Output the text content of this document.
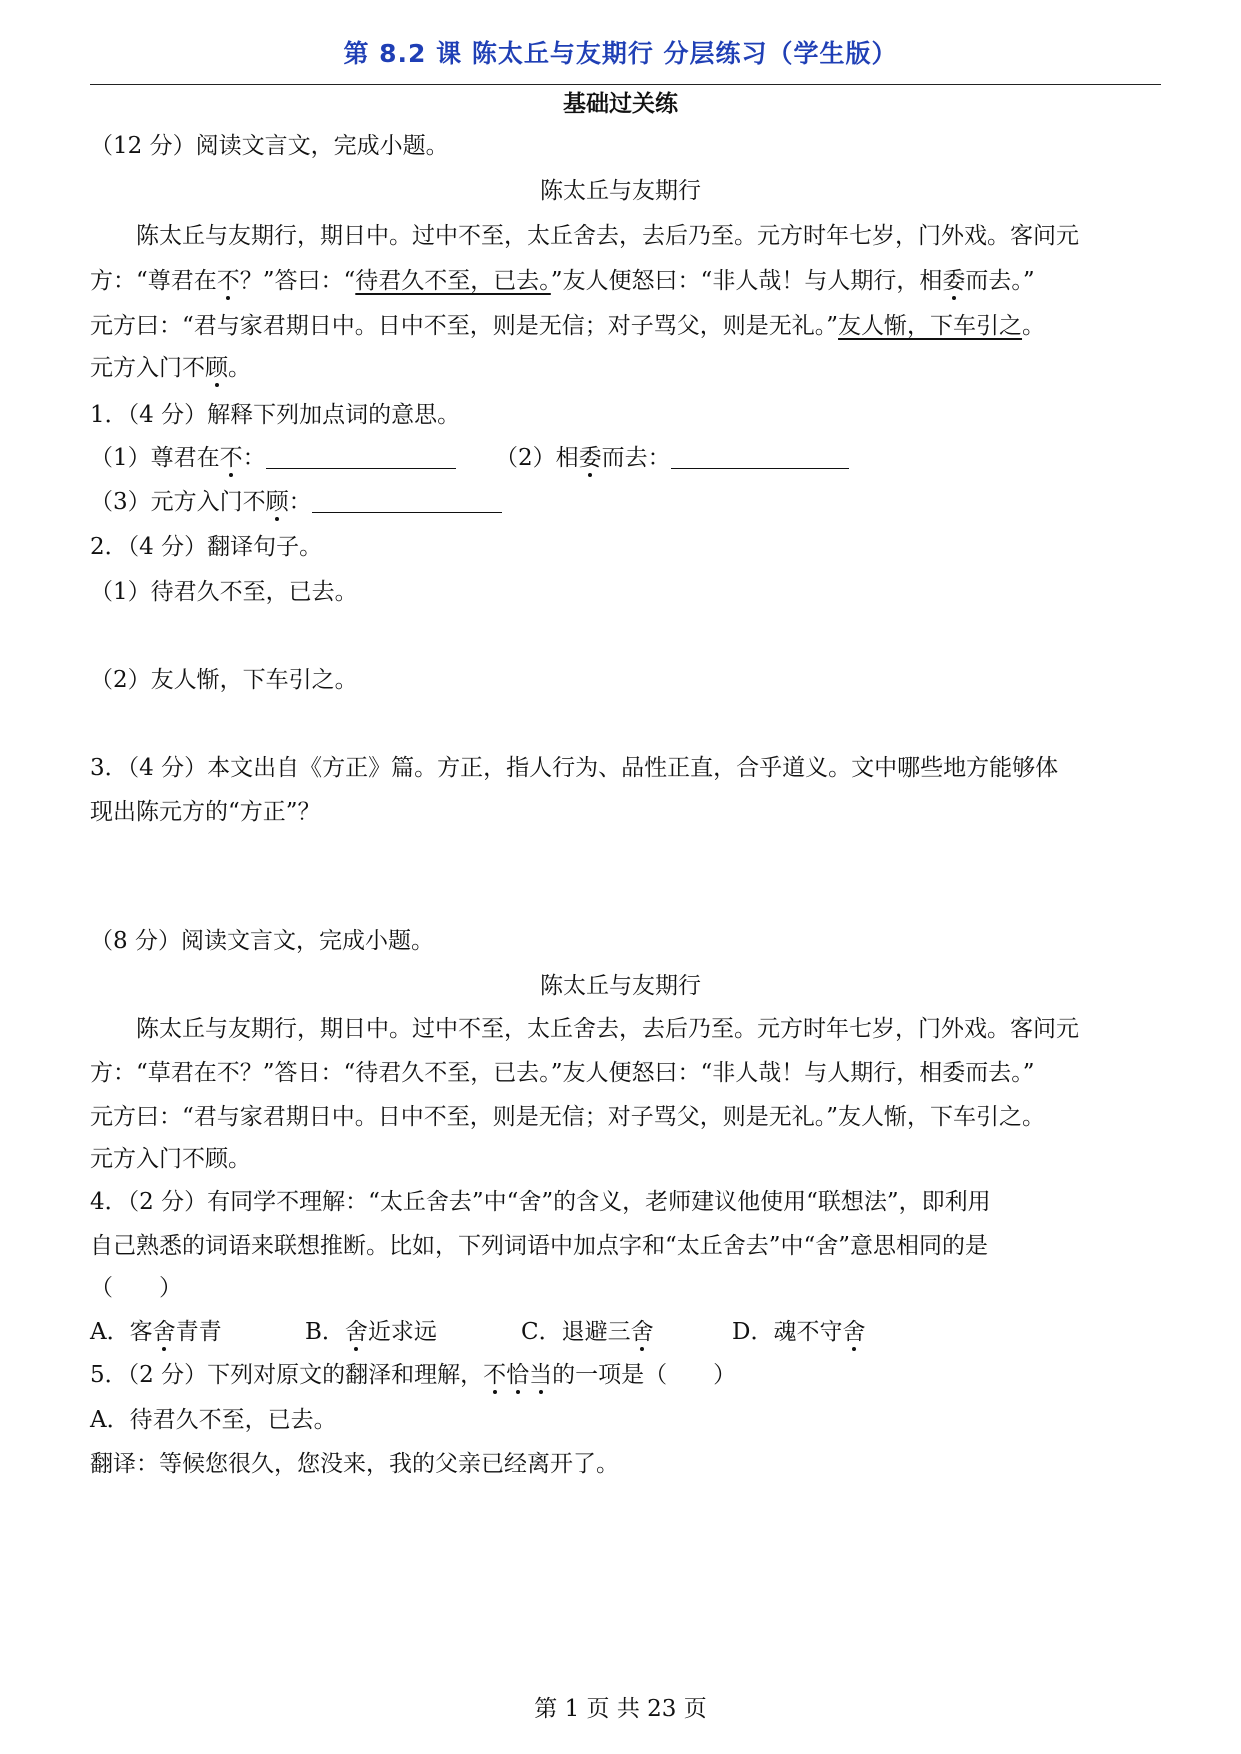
第 8.2 课 陈太丘与友期行 分层练习（学生版）
基础过关练
（12 分）阅读文言文，完成小题。
陈太丘与友期行
陈太丘与友期行，期日中。过中不至，太丘舍去，去后乃至。元方时年七岁，门外戏。客问元
方：“尊君在不？”答曰：“待君久不至，已去。”友人便怒曰：“非人哉！与人期行，相委而去。”
元方曰：“君与家君期日中。日中不至，则是无信；对子骂父，则是无礼。”友人惭，下车引之。
元方入门不顾。
1．（4 分）解释下列加点词的意思。
（1）尊君在不：	（2）相委而去：
（3）元方入门不顾：
2．（4 分）翻译句子。
（1）待君久不至，已去。
（2）友人惭，下车引之。
3．（4 分）本文出自《方正》篇。方正，指人行为、品性正直，合乎道义。文中哪些地方能够体
现出陈元方的“方正”？
（8 分）阅读文言文，完成小题。
陈太丘与友期行
陈太丘与友期行，期日中。过中不至，太丘舍去，去后乃至。元方时年七岁，门外戏。客问元
方：“草君在不？”答日：“待君久不至，已去。”友人便怒曰：“非人哉！与人期行，相委而去。”
元方曰：“君与家君期日中。日中不至，则是无信；对子骂父，则是无礼。”友人惭，下车引之。
元方入门不顾。
4．（2 分）有同学不理解：“太丘舍去”中“舍”的含义，老师建议他使用“联想法”，即利用
自己熟悉的词语来联想推断。比如，下列词语中加点字和“太丘舍去”中“舍”意思相同的是
（　　）
A．客舍青青	B．舍近求远	C．退避三舍	D．魂不守舍
5．（2 分）下列对原文的翻泽和理解，不恰当的一项是（　　）
A．待君久不至，已去。
翻译：等候您很久，您没来，我的父亲已经离开了。
第 1 页 共 23 页
